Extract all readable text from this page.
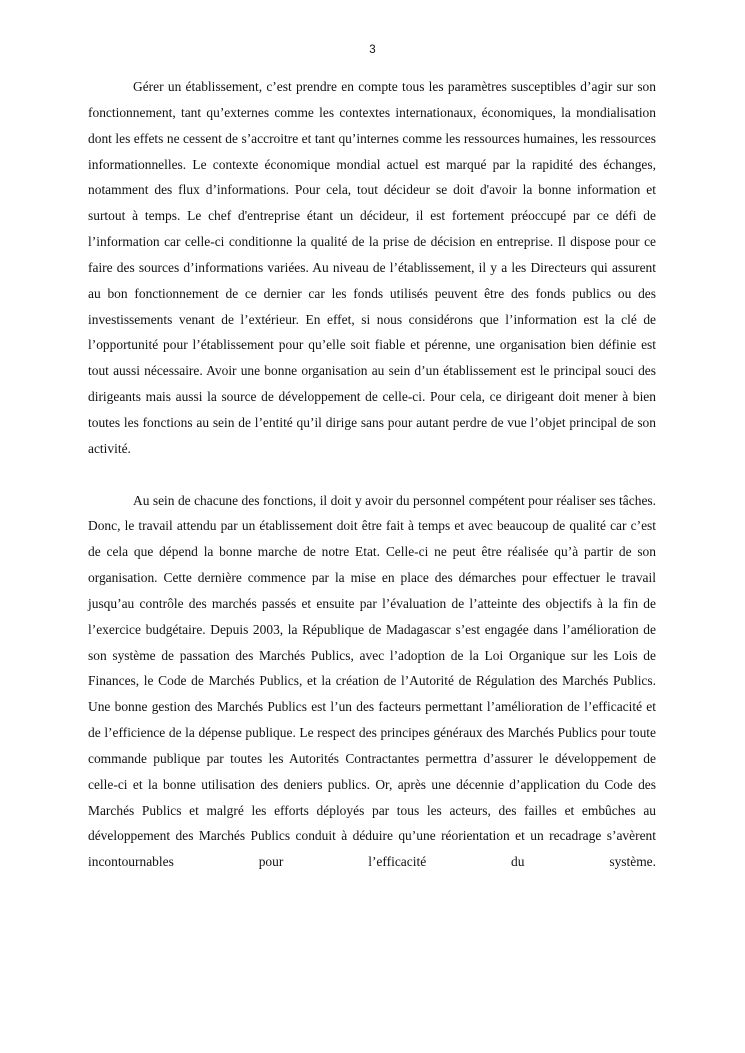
3

Gérer un établissement, c’est prendre en compte tous les paramètres susceptibles d’agir sur son fonctionnement, tant qu’externes comme les contextes internationaux, économiques, la mondialisation dont les effets ne cessent de s’accroitre et tant qu’internes comme les ressources humaines, les ressources informationnelles. Le contexte économique mondial actuel est marqué par la rapidité des échanges, notamment des flux d’informations. Pour cela, tout décideur se doit d'avoir la bonne information et surtout à temps. Le chef d'entreprise étant un décideur, il est fortement préoccupé par ce défi de l’information car celle-ci conditionne la qualité de la prise de décision en entreprise. Il dispose pour ce faire des sources d’informations variées. Au niveau de l’établissement, il y a les Directeurs qui assurent au bon fonctionnement de ce dernier car les fonds utilisés peuvent être des fonds publics ou des investissements venant de l’extérieur. En effet, si nous considérons que l’information est la clé de l’opportunité pour l’établissement pour qu’elle soit fiable et pérenne, une organisation bien définie est tout aussi nécessaire. Avoir une bonne organisation au sein d’un établissement est le principal souci des dirigeants mais aussi la source de développement de celle-ci. Pour cela, ce dirigeant doit mener à bien toutes les fonctions au sein de l’entité qu’il dirige sans pour autant perdre de vue l’objet principal de son activité.

Au sein de chacune des fonctions, il doit y avoir du personnel compétent pour réaliser ses tâches. Donc, le travail attendu par un établissement doit être fait à temps et avec beaucoup de qualité car c’est de cela que dépend la bonne marche de notre Etat. Celle-ci ne peut être réalisée qu’à partir de son organisation. Cette dernière commence par la mise en place des démarches pour effectuer le travail jusqu’au contrôle des marchés passés et ensuite par l’évaluation de l’atteinte des objectifs à la fin de l’exercice budgétaire. Depuis 2003, la République de Madagascar s’est engagée dans l’amélioration de son système de passation des Marchés Publics, avec l’adoption de la Loi Organique sur les Lois de Finances, le Code de Marchés Publics, et la création de l’Autorité de Régulation des Marchés Publics. Une bonne gestion des Marchés Publics est l’un des facteurs permettant l’amélioration de l’efficacité et de l’efficience de la dépense publique. Le respect des principes généraux des Marchés Publics pour toute commande publique par toutes les Autorités Contractantes permettra d’assurer le développement de celle-ci et la bonne utilisation des deniers publics. Or, après une décennie d’application du Code des Marchés Publics et malgré les efforts déployés par tous les acteurs, des failles et embûches au développement des Marchés Publics conduit à déduire qu’une réorientation et un recadrage s’avèrent incontournables pour l’efficacité du système.
